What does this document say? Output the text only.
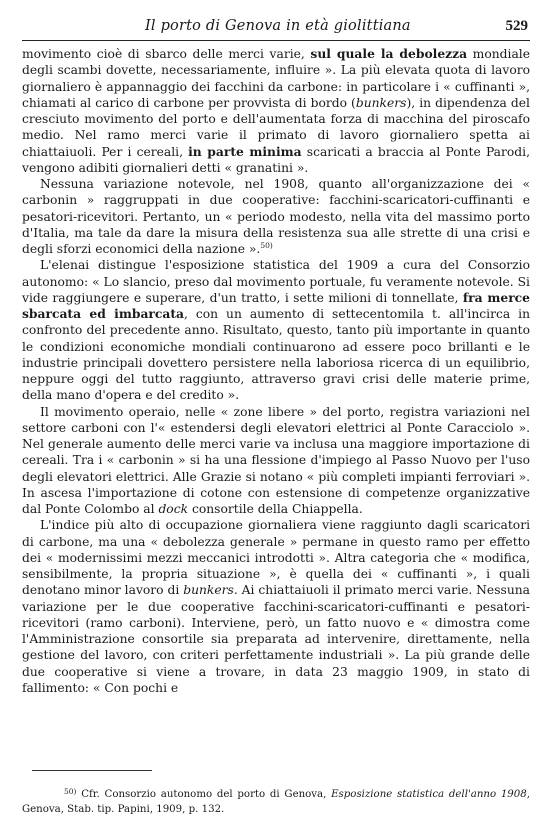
Il porto di Genova in età giolittiana	529

movimento cioè di sbarco delle merci varie, sul quale la debolezza mondiale degli scambi dovette, necessariamente, influire ». La più elevata quota di lavoro giornaliero è appannaggio dei facchini da carbone: in particolare i « cuffinanti », chiamati al carico di carbone per provvista di bordo (bunkers), in dipendenza del cresciuto movimento del porto e dell'aumentata forza di macchina del piroscafo medio. Nel ramo merci varie il primato di lavoro giornaliero spetta ai chiattaiuoli. Per i cereali, in parte minima scaricati a braccia al Ponte Parodi, vengono adibiti giornalieri detti « granatini ».

Nessuna variazione notevole, nel 1908, quanto all'organizzazione dei « carbonin » raggruppati in due cooperative: facchini-scaricatori-cuffinanti e pesatori-ricevitori. Pertanto, un « periodo modesto, nella vita del massimo porto d'Italia, ma tale da dare la misura della resistenza sua alle strette di una crisi e degli sforzi economici della nazione ».$^{50)}$

L'elenai distingue l'esposizione statistica del 1909 a cura del Consorzio autonomo: « Lo slancio, preso dal movimento portuale, fu veramente notevole. Si vide raggiungere e superare, d'un tratto, i sette milioni di tonnellate, fra merce sbarcata ed imbarcata, con un aumento di settecentomila t. all'incirca in confronto del precedente anno. Risultato, questo, tanto più importante in quanto le condizioni economiche mondiali continuarono ad essere poco brillanti e le industrie principali dovettero persistere nella laboriosa ricerca di un equilibrio, neppure oggi del tutto raggiunto, attraverso gravi crisi delle materie prime, della mano d'opera e del credito ».

Il movimento operaio, nelle « zone libere » del porto, registra variazioni nel settore carboni con l'« estendersi degli elevatori elettrici al Ponte Caracciolo ». Nel generale aumento delle merci varie va inclusa una maggiore importazione di cereali. Tra i « carbonin » si ha una flessione d'impiego al Passo Nuovo per l'uso degli elevatori elettrici. Alle Grazie si notano « più completi impianti ferroviari ». In ascesa l'importazione di cotone con estensione di competenze organizzative dal Ponte Colombo al dock consortile della Chiappella.

L'indice più alto di occupazione giornaliera viene raggiunto dagli scaricatori di carbone, ma una « debolezza generale » permane in questo ramo per effetto dei « modernissimi mezzi meccanici introdotti ». Altra categoria che « modifica, sensibilmente, la propria situazione », è quella dei « cuffinanti », i quali denotano minor lavoro di bunkers. Ai chiattaiuoli il primato merci varie. Nessuna variazione per le due cooperative facchini-scaricatori-cuffinanti e pesatori-ricevitori (ramo carboni). Interviene, però, un fatto nuovo e « dimostra come l'Amministrazione consortile sia preparata ad intervenire, direttamente, nella gestione del lavoro, con criteri perfettamente industriali ». La più grande delle due cooperative si viene a trovare, in data 23 maggio 1909, in stato di fallimento: « Con pochi e

$^{50)}$ Cfr. Consorzio autonomo del porto di Genova, Esposizione statistica dell'anno 1908, Genova, Stab. tip. Papini, 1909, p. 132.
